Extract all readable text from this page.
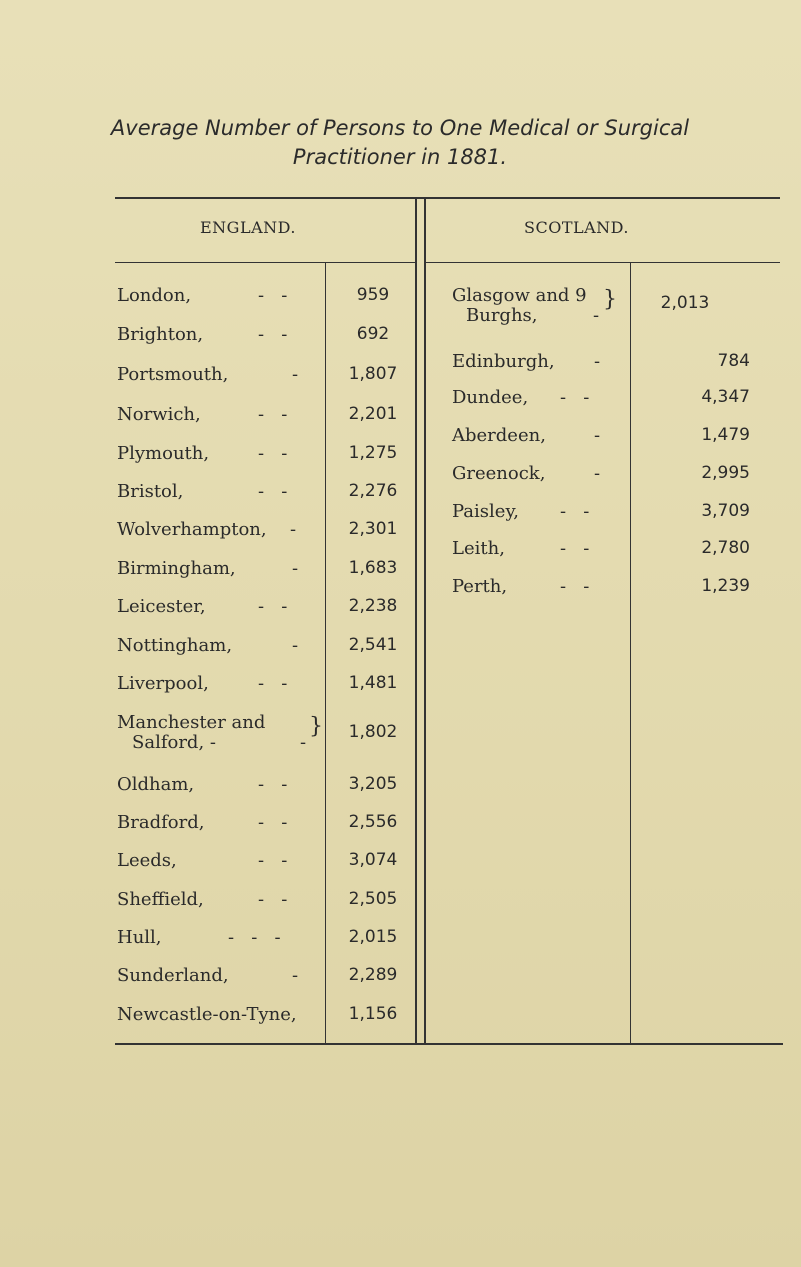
Average Number of Persons to One Medical or Surgical
Practitioner in 1881.
ENGLAND.	SCOTLAND.
London,	-   -	959
Brighton,	-   -	692
Portsmouth,	-	1,807
Norwich,	-   -	2,201
Plymouth,	-   -	1,275
Bristol,	-   -	2,276
Wolverhampton, -	2,301
Birmingham,	-	1,683
Leicester,	-   -	2,238
Nottingham,	-	2,541
Liverpool,	-   -	1,481
Manchester and
Salford, -	-
}	1,802
Oldham,	-   -	3,205
Bradford,	-   -	2,556
Leeds,	-   -	3,074
Sheffield,	-   -	2,505
Hull,	-   -   -	2,015
Sunderland,	-	2,289
Newcastle-on-Tyne,	1,156
Glasgow and 9
Burghs,	-
}	2,013
Edinburgh, -	784
Dundee, -   -	4,347
Aberdeen,	-	1,479
Greenock,	-	2,995
Paisley, -   -	3,709
Leith,	-   -	2,780
Perth,	-   -	1,239
